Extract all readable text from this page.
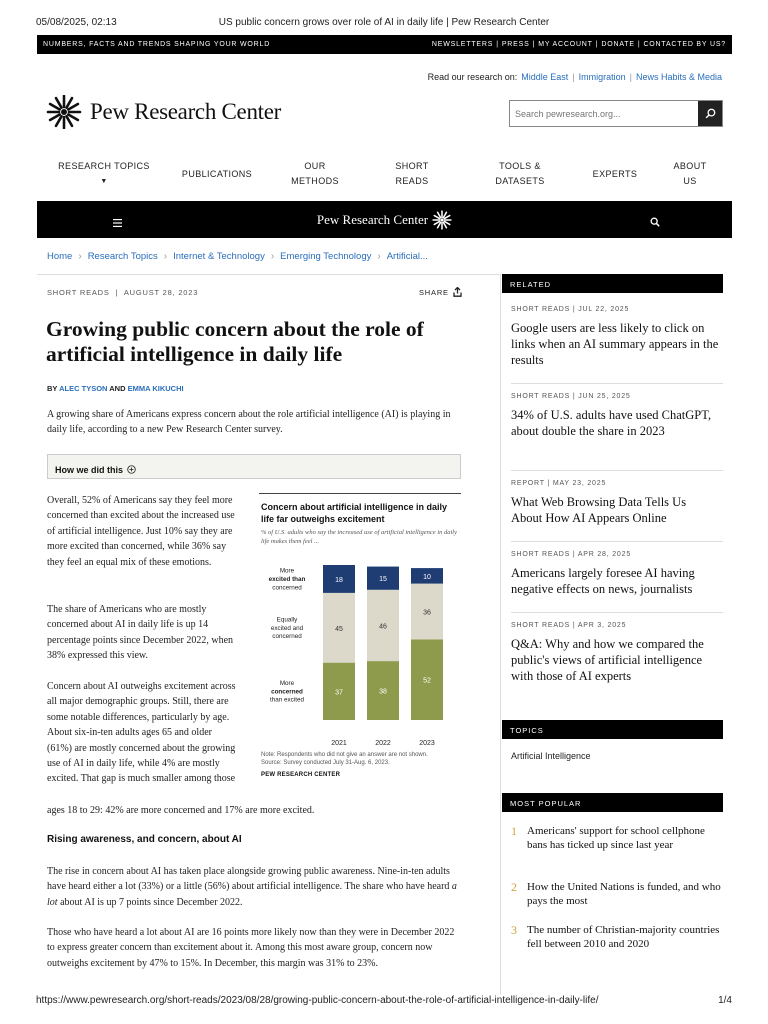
05/08/2025, 02:13	US public concern grows over role of AI in daily life | Pew Research Center
https://www.pewresearch.org/short-reads/2023/08/28/growing-public-concern-about-the-role-of-artificial-intelligence-in-daily-life/	1/4
NUMBERS, FACTS AND TRENDS SHAPING YOUR WORLD	NEWSLETTERS | PRESS | MY ACCOUNT | DONATE | CONTACTED BY US?
Read our research on: Middle East | Immigration | News Habits & Media
Pew Research Center
Search pewresearch.org...
RESEARCH TOPICS
▼
PUBLICATIONS
OUR
METHODS
SHORT
READS
TOOLS &
DATASETS
EXPERTS
ABOUT
US
Pew Research Center
Home › Research Topics › Internet & Technology › Emerging Technology › Artificial...
SHORT READS | AUGUST 28, 2023	SHARE
Growing public concern about the role of artificial intelligence in daily life
BY ALEC TYSON AND EMMA KIKUCHI

A growing share of Americans express concern about the role artificial intelligence (AI) is playing in daily life, according to a new Pew Research Center survey.

How we did this

Overall, 52% of Americans say they feel more concerned than excited about the increased use of artificial intelligence. Just 10% say they are more excited than concerned, while 36% say they feel an equal mix of these emotions.

The share of Americans who are mostly concerned about AI in daily life is up 14 percentage points since December 2022, when 38% expressed this view.

Concern about AI outweighs excitement across all major demographic groups. Still, there are some notable differences, particularly by age. About six-in-ten adults ages 65 and older (61%) are mostly concerned about the growing use of AI in daily life, while 4% are mostly excited. That gap is much smaller among those

ages 18 to 29: 42% are more concerned and 17% are more excited.

Rising awareness, and concern, about AI

The rise in concern about AI has taken place alongside growing public awareness. Nine-in-ten adults have heard either a lot (33%) or a little (56%) about artificial intelligence. The share who have heard a lot about AI is up 7 points since December 2022.

Those who have heard a lot about AI are 16 points more likely now than they were in December 2022 to express greater concern than excitement about it. Among this most aware group, concern now outweighs excitement by 47% to 15%. In December, this margin was 31% to 23%.

Concern about artificial intelligence in daily life far outweighs excitement
% of U.S. adults who say the increased use of artificial intelligence in daily life makes them feel ...
37
45
18
2021
38
46
15
2022
52
36
10
2023
More
concerned
than excited
Equally
excited and
concerned
More
excited than
concerned
Note: Respondents who did not give an answer are not shown.
Source: Survey conducted July 31-Aug. 6, 2023.
PEW RESEARCH CENTER
RELATED
SHORT READS | JUL 22, 2025
Google users are less likely to click on links when an AI summary appears in the results
SHORT READS | JUN 25, 2025
34% of U.S. adults have used ChatGPT, about double the share in 2023
REPORT | MAY 23, 2025
What Web Browsing Data Tells Us About How AI Appears Online
SHORT READS | APR 28, 2025
Americans largely foresee AI having negative effects on news, journalists
SHORT READS | APR 3, 2025
Q&A: Why and how we compared the public's views of artificial intelligence with those of AI experts
TOPICS
Artificial Intelligence
MOST POPULAR
1 Americans' support for school cellphone bans has ticked up since last year
2 How the United Nations is funded, and who pays the most
3 The number of Christian-majority countries fell between 2010 and 2020
